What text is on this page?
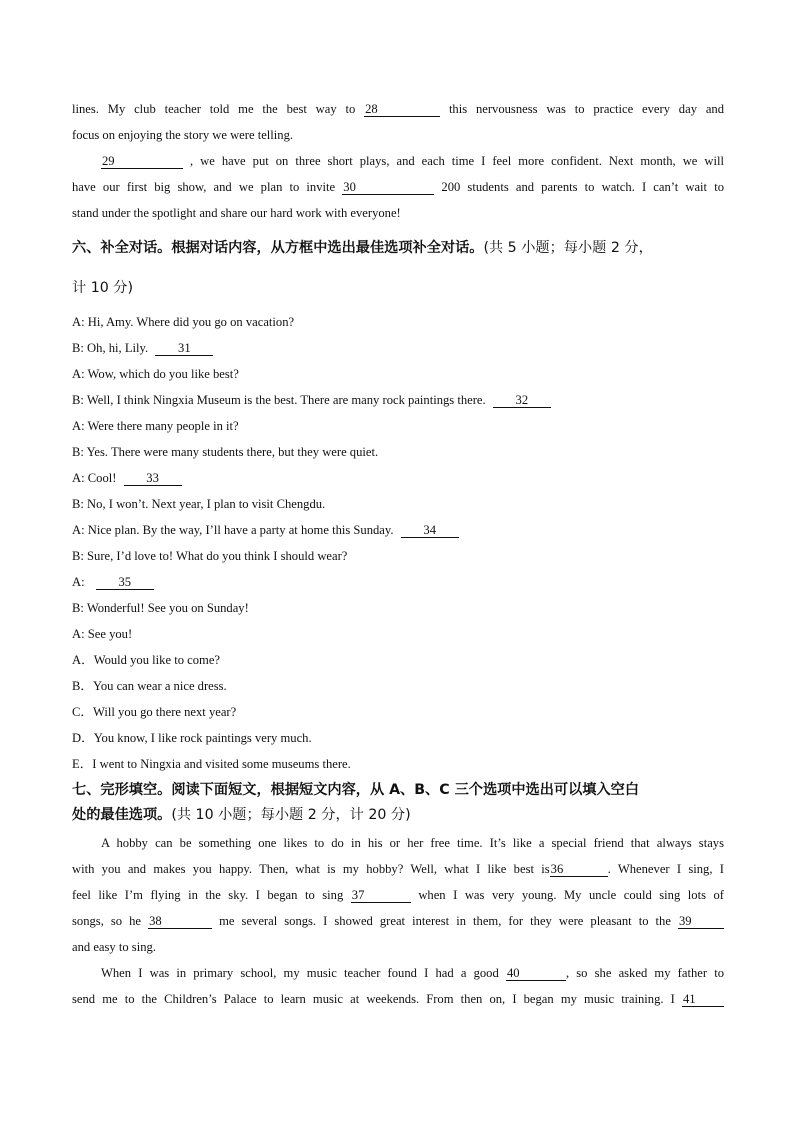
lines. My club teacher told me the best way to 28	this nervousness was to practice every day and
focus on enjoying the story we were telling.
29	, we have put on three short plays, and each time I feel more confident. Next month, we will
have our first big show, and we plan to invite 30	200 students and parents to watch. I can’t wait to
stand under the spotlight and share our hard work with everyone!
六、补全对话。根据对话内容，从方框中选出最佳选项补全对话。(共 5 小题；每小题 2 分，
计 10 分)
A: Hi, Amy. Where did you go on vacation?
B: Oh, hi, Lily. 31
A: Wow, which do you like best?
B: Well, I think Ningxia Museum is the best. There are many rock paintings there. 32
A: Were there many people in it?
B: Yes. There were many students there, but they were quiet.
A: Cool! 33
B: No, I won’t. Next year, I plan to visit Chengdu.
A: Nice plan. By the way, I’ll have a party at home this Sunday. 34
B: Sure, I’d love to! What do you think I should wear?
A:	35
B: Wonderful! See you on Sunday!
A: See you!
A．Would you like to come?
B．You can wear a nice dress.
C．Will you go there next year?
D．You know, I like rock paintings very much.
E．I went to Ningxia and visited some museums there.
七、完形填空。阅读下面短文，根据短文内容，从 A、B、C 三个选项中选出可以填入空白
处的最佳选项。(共 10 小题；每小题 2 分，计 20 分)
A hobby can be something one likes to do in his or her free time. It’s like a special friend that always stays
with you and makes you happy. Then, what is my hobby? Well, what I like best is36	. Whenever I sing, I
feel like I’m flying in the sky. I began to sing 37	when I was very young. My uncle could sing lots of
songs, so he 38	me several songs. I showed great interest in them, for they were pleasant to the 39
and easy to sing.
When I was in primary school, my music teacher found I had a good 40	, so she asked my father to
send me to the Children’s Palace to learn music at weekends. From then on, I began my music training. I 41
